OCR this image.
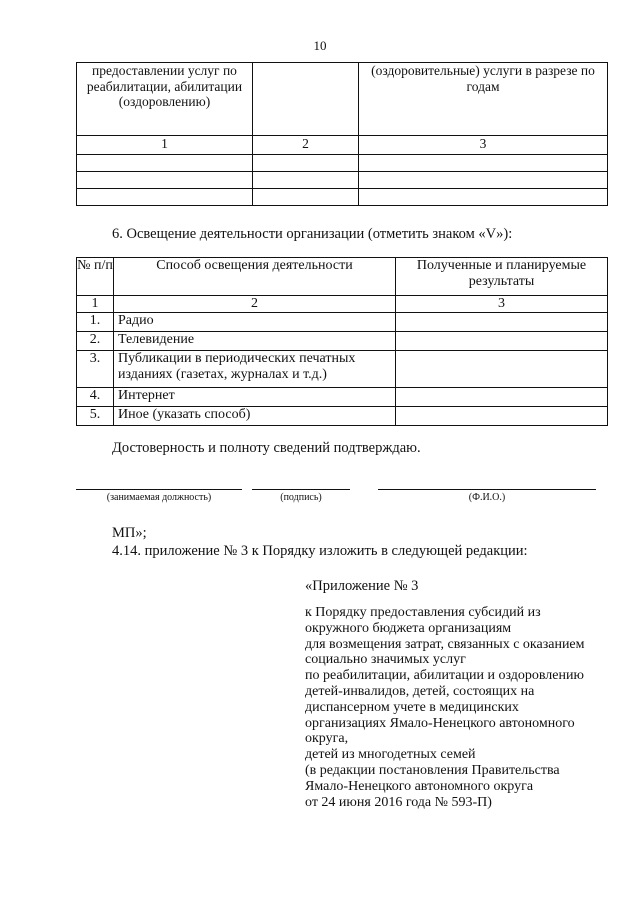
10
предоставлении услуг по реабилитации, абилитации (оздоровлению)		(оздоровительные) услуги в разрезе по годам
1	2	3

6. Освещение деятельности организации (отметить знаком «V»):
№ п/п	Способ освещения деятельности	Полученные и планируемые результаты
1	2	3
1.	Радио	
2.	Телевидение	
3.	Публикации в периодических печатных изданиях (газетах, журналах и т.д.)	
4.	Интернет	
5.	Иное (указать способ)	
Достоверность и полноту сведений подтверждаю.
(занимаемая должность)	(подпись)	(Ф.И.О.)
МП»;
4.14. приложение № 3 к Порядку изложить в следующей редакции:
«Приложение № 3
к Порядку предоставления субсидий из
окружного бюджета организациям
для возмещения затрат, связанных с оказанием
социально значимых услуг
по реабилитации, абилитации и оздоровлению
детей-инвалидов, детей, состоящих на
диспансерном учете в медицинских
организациях Ямало-Ненецкого автономного
округа,
детей из многодетных семей
(в редакции постановления Правительства
Ямало-Ненецкого автономного округа
от 24 июня 2016 года № 593-П)
